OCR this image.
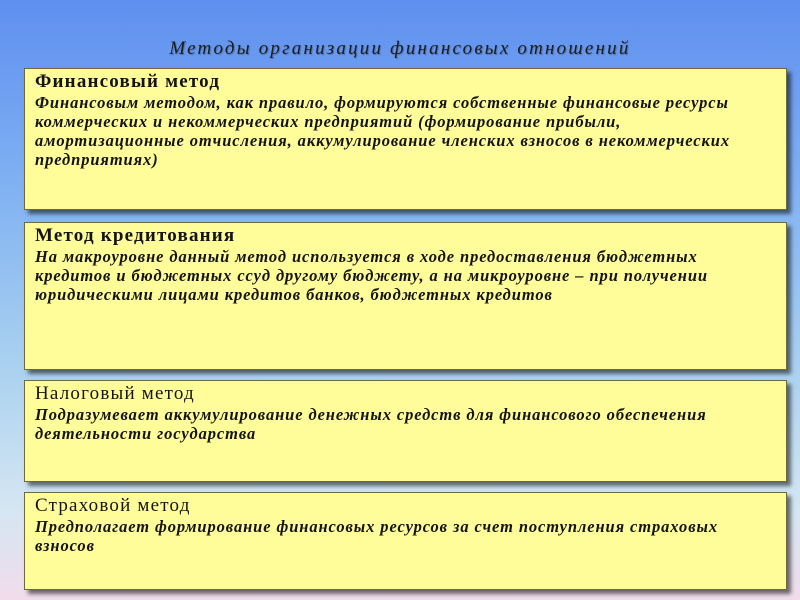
Методы организации финансовых отношений
Финансовый метод
Финансовым методом, как правило, формируются собственные финансовые ресурсы коммерческих и некоммерческих предприятий (формирование прибыли, амортизационные отчисления, аккумулирование членских взносов в некоммерческих предприятиях)
Метод кредитования
На макроуровне данный метод используется в ходе предоставления бюджетных кредитов и бюджетных ссуд другому бюджету, а на микроуровне – при получении юридическими лицами кредитов банков, бюджетных кредитов
Налоговый метод
Подразумевает аккумулирование денежных средств для финансового обеспечения деятельности государства
Страховой метод
Предполагает формирование финансовых ресурсов за счет поступления страховых взносов
